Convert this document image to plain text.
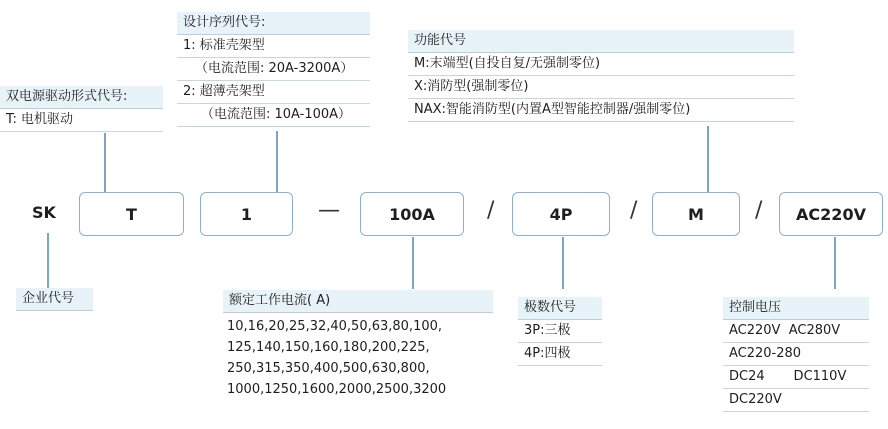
双电源驱动形式代号:
T: 电机驱动
设计序列代号:
1: 标准壳架型
（电流范围: 20A-3200A）
2: 超薄壳架型
（电流范围: 10A-100A）
功能代号
M:末端型(自投自复/无强制零位)
X:消防型(强制零位)
NAX:智能消防型(内置A型智能控制器/强制零位)
SK	T	1	—	100A	/	4P	/	M	/	AC220V
企业代号	额定工作电流( A)
10,16,20,25,32,40,50,63,80,100,
125,140,150,160,180,200,225,
250,315,350,400,500,630,800,
1000,1250,1600,2000,2500,3200
极数代号
3P:三极
4P:四极
控制电压
AC220V  AC280V
AC220-280
DC24       DC110V
DC220V
